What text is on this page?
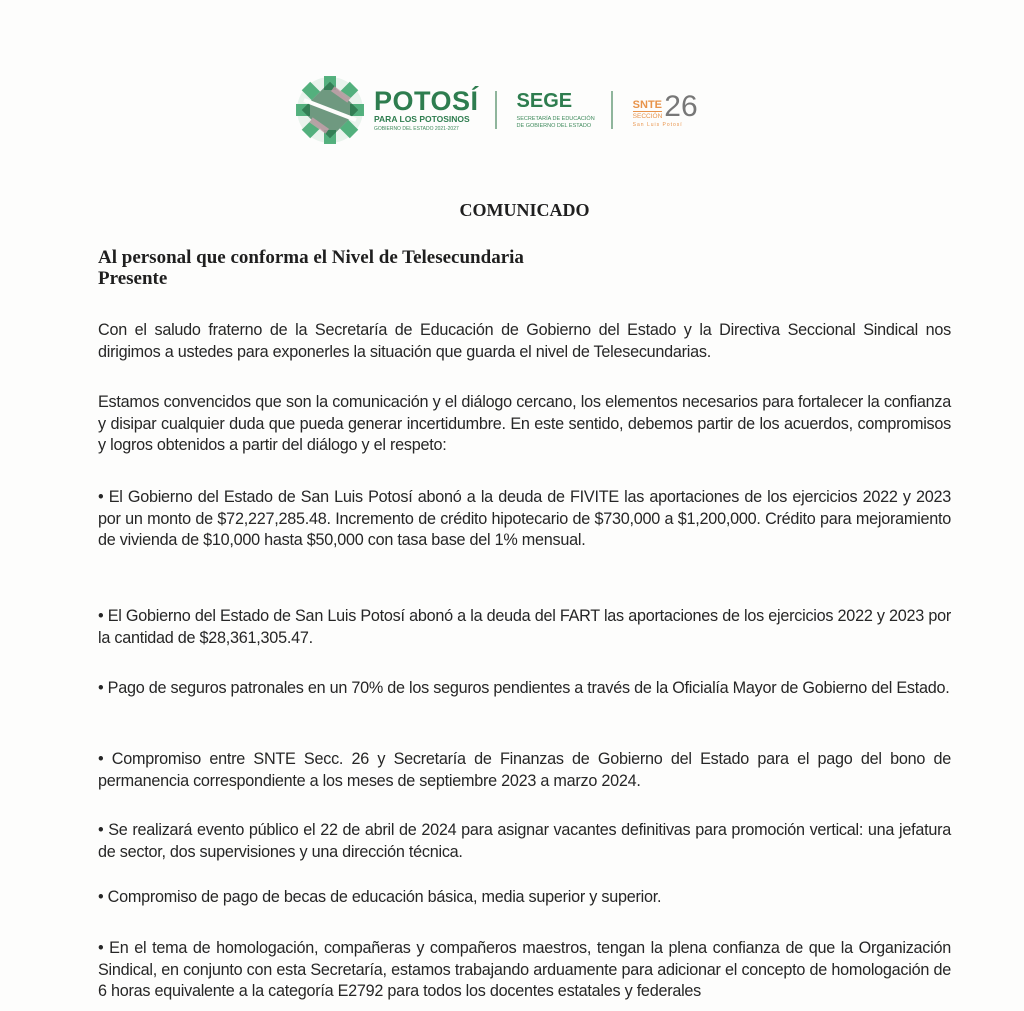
POTOSÍ
PARA LOS POTOSINOS
GOBIERNO DEL ESTADO 2021-2027
SEGE
SECRETARÍA DE EDUCACIÓN
DE GOBIERNO DEL ESTADO
SNTE
SECCIÓN 26
San Luis Potosí
COMUNICADO
Al personal que conforma el Nivel de Telesecundaria
Presente
Con el saludo fraterno de la Secretaría de Educación de Gobierno del Estado y la Directiva Seccional Sindical nos dirigimos a ustedes para exponerles la situación que guarda el nivel de Telesecundarias.
Estamos convencidos que son la comunicación y el diálogo cercano, los elementos necesarios para fortalecer la confianza y disipar cualquier duda que pueda generar incertidumbre. En este sentido, debemos partir de los acuerdos, compromisos y logros obtenidos a partir del diálogo y el respeto:
• El Gobierno del Estado de San Luis Potosí abonó a la deuda de FIVITE las aportaciones de los ejercicios 2022 y 2023 por un monto de $72,227,285.48. Incremento de crédito hipotecario de $730,000 a $1,200,000. Crédito para mejoramiento de vivienda de $10,000 hasta $50,000 con tasa base del 1% mensual.
• El Gobierno del Estado de San Luis Potosí abonó a la deuda del FART las aportaciones de los ejercicios 2022 y 2023 por la cantidad de $28,361,305.47.
• Pago de seguros patronales en un 70% de los seguros pendientes a través de la Oficialía Mayor de Gobierno del Estado.
• Compromiso entre SNTE Secc. 26 y Secretaría de Finanzas de Gobierno del Estado para el pago del bono de permanencia correspondiente a los meses de septiembre 2023 a marzo 2024.
• Se realizará evento público el 22 de abril de 2024 para asignar vacantes definitivas para promoción vertical: una jefatura de sector, dos supervisiones y una dirección técnica.
• Compromiso de pago de becas de educación básica, media superior y superior.
• En el tema de homologación, compañeras y compañeros maestros, tengan la plena confianza de que la Organización Sindical, en conjunto con esta Secretaría, estamos trabajando arduamente para adicionar el concepto de homologación de 6 horas equivalente a la categoría E2792 para todos los docentes estatales y federales
